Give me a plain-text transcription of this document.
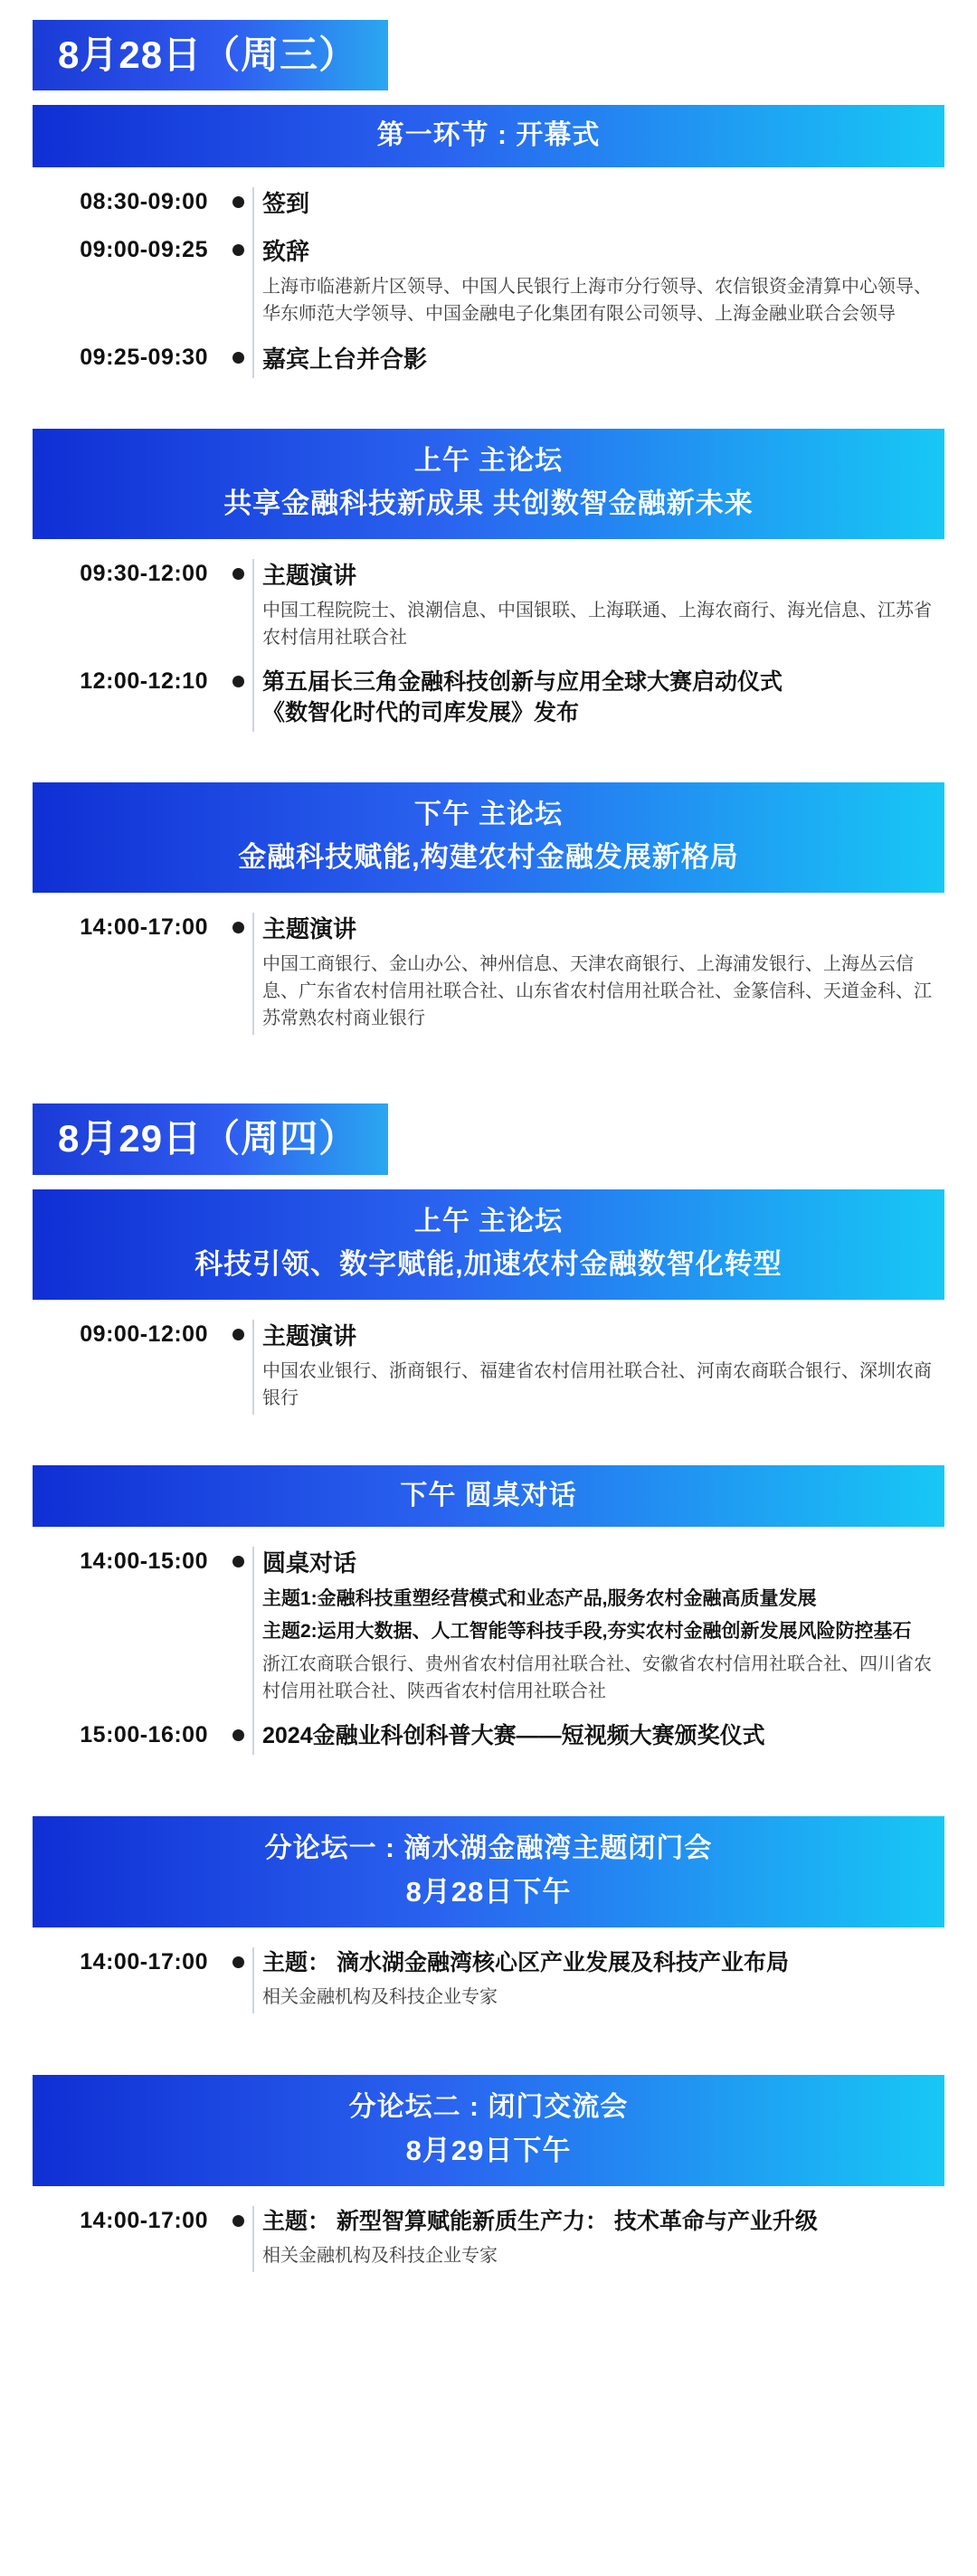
8月28日（周三）
第一环节 : 开幕式
08:30-09:00	签到
09:00-09:25	致辞
上海市临港新片区领导、中国人民银行上海市分行领导、农信银资金清算中心领导、华东师范大学领导、中国金融电子化集团有限公司领导、上海金融业联合会领导
09:25-09:30	嘉宾上台并合影
上午 主论坛
共享金融科技新成果 共创数智金融新未来
09:30-12:00	主题演讲
中国工程院院士、浪潮信息、中国银联、上海联通、上海农商行、海光信息、江苏省农村信用社联合社
12:00-12:10	第五届长三角金融科技创新与应用全球大赛启动仪式
《数智化时代的司库发展》发布
下午 主论坛
金融科技赋能,构建农村金融发展新格局
14:00-17:00	主题演讲
中国工商银行、金山办公、神州信息、天津农商银行、上海浦发银行、上海丛云信息、广东省农村信用社联合社、山东省农村信用社联合社、金篆信科、天道金科、江苏常熟农村商业银行
8月29日（周四）
上午 主论坛
科技引领、数字赋能,加速农村金融数智化转型
09:00-12:00	主题演讲
中国农业银行、浙商银行、福建省农村信用社联合社、河南农商联合银行、深圳农商银行
下午 圆桌对话
14:00-15:00	圆桌对话
主题1:金融科技重塑经营模式和业态产品,服务农村金融高质量发展
主题2:运用大数据、人工智能等科技手段,夯实农村金融创新发展风险防控基石
浙江农商联合银行、贵州省农村信用社联合社、安徽省农村信用社联合社、四川省农村信用社联合社、陕西省农村信用社联合社
15:00-16:00	2024金融业科创科普大赛——短视频大赛颁奖仪式
分论坛一 : 滴水湖金融湾主题闭门会
8月28日下午
14:00-17:00	主题： 滴水湖金融湾核心区产业发展及科技产业布局
相关金融机构及科技企业专家
分论坛二 : 闭门交流会
8月29日下午
14:00-17:00	主题： 新型智算赋能新质生产力： 技术革命与产业升级
相关金融机构及科技企业专家
